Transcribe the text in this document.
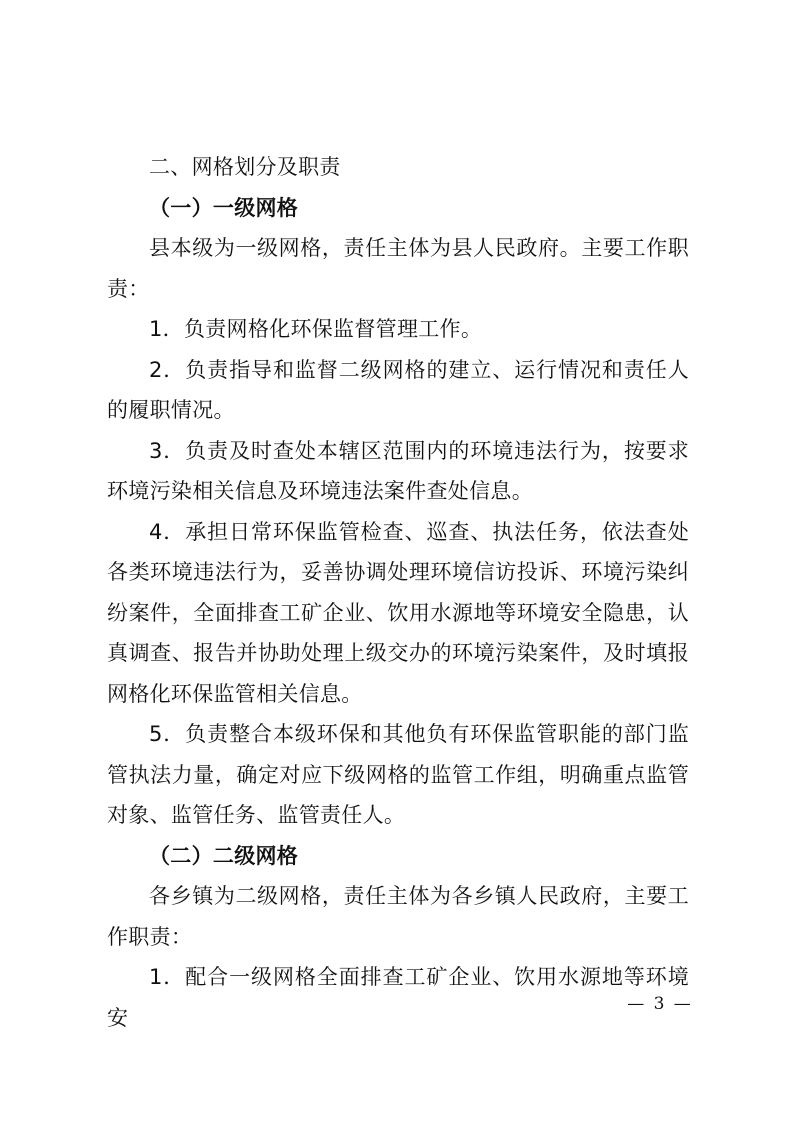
二、网格划分及职责

（一）一级网格

县本级为一级网格，责任主体为县人民政府。主要工作职责：

1．负责网格化环保监督管理工作。

2．负责指导和监督二级网格的建立、运行情况和责任人的履职情况。

3．负责及时查处本辖区范围内的环境违法行为，按要求环境污染相关信息及环境违法案件查处信息。

4．承担日常环保监管检查、巡查、执法任务，依法查处各类环境违法行为，妥善协调处理环境信访投诉、环境污染纠纷案件，全面排查工矿企业、饮用水源地等环境安全隐患，认真调查、报告并协助处理上级交办的环境污染案件，及时填报网格化环保监管相关信息。

5．负责整合本级环保和其他负有环保监管职能的部门监管执法力量，确定对应下级网格的监管工作组，明确重点监管对象、监管任务、监管责任人。

（二）二级网格

各乡镇为二级网格，责任主体为各乡镇人民政府，主要工作职责：

1．配合一级网格全面排查工矿企业、饮用水源地等环境安

— 3 —
